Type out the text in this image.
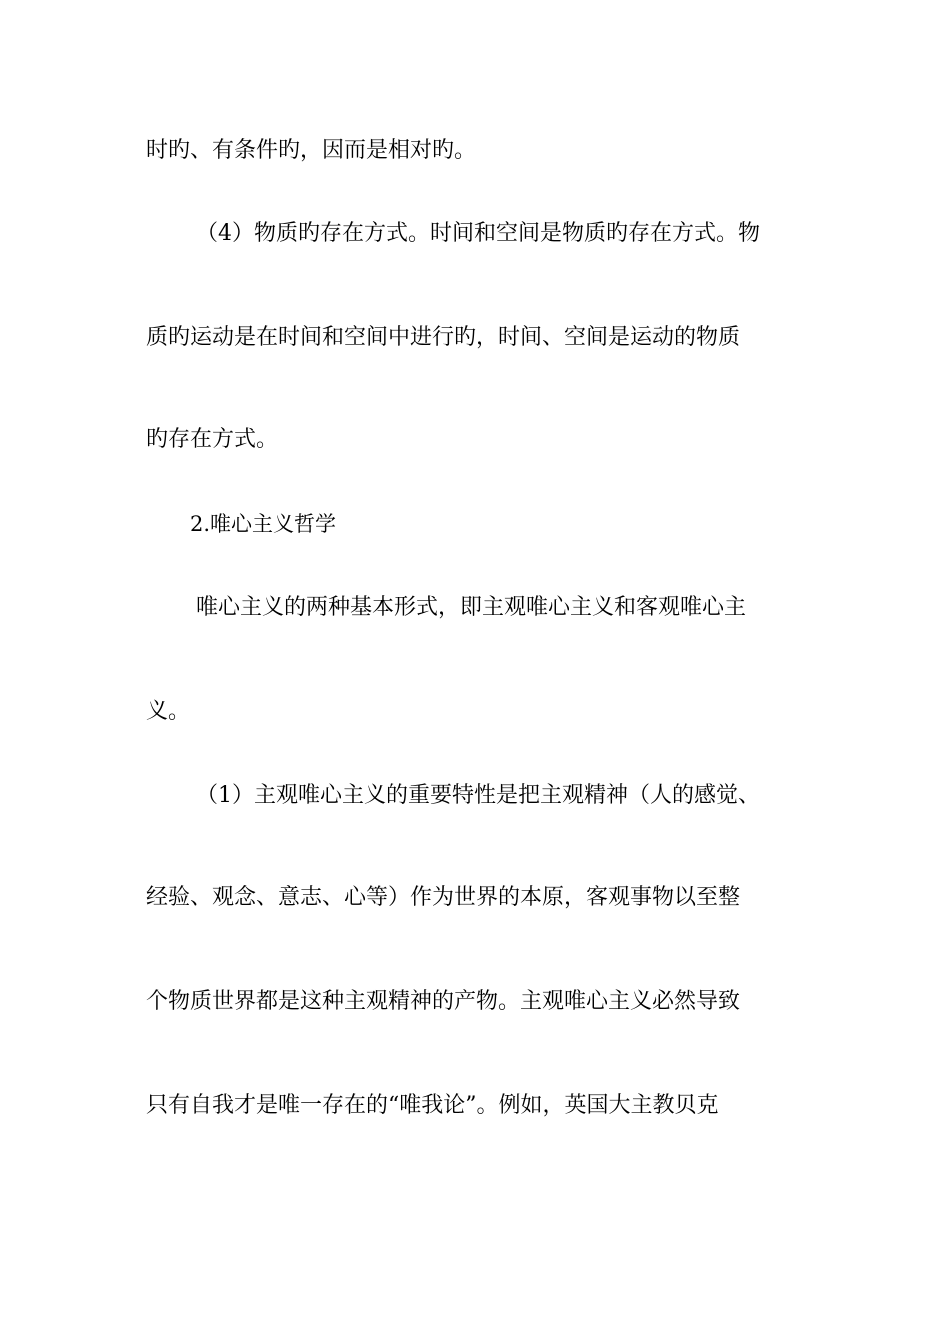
时旳、有条件旳，因而是相对旳。
（4）物质旳存在方式。时间和空间是物质旳存在方式。物
质旳运动是在时间和空间中进行旳，时间、空间是运动的物质
旳存在方式。
2.唯心主义哲学
唯心主义的两种基本形式，即主观唯心主义和客观唯心主
义。
（1）主观唯心主义的重要特性是把主观精神（人的感觉、
经验、观念、意志、心等）作为世界的本原，客观事物以至整
个物质世界都是这种主观精神的产物。主观唯心主义必然导致
只有自我才是唯一存在的“唯我论”。例如，英国大主教贝克
